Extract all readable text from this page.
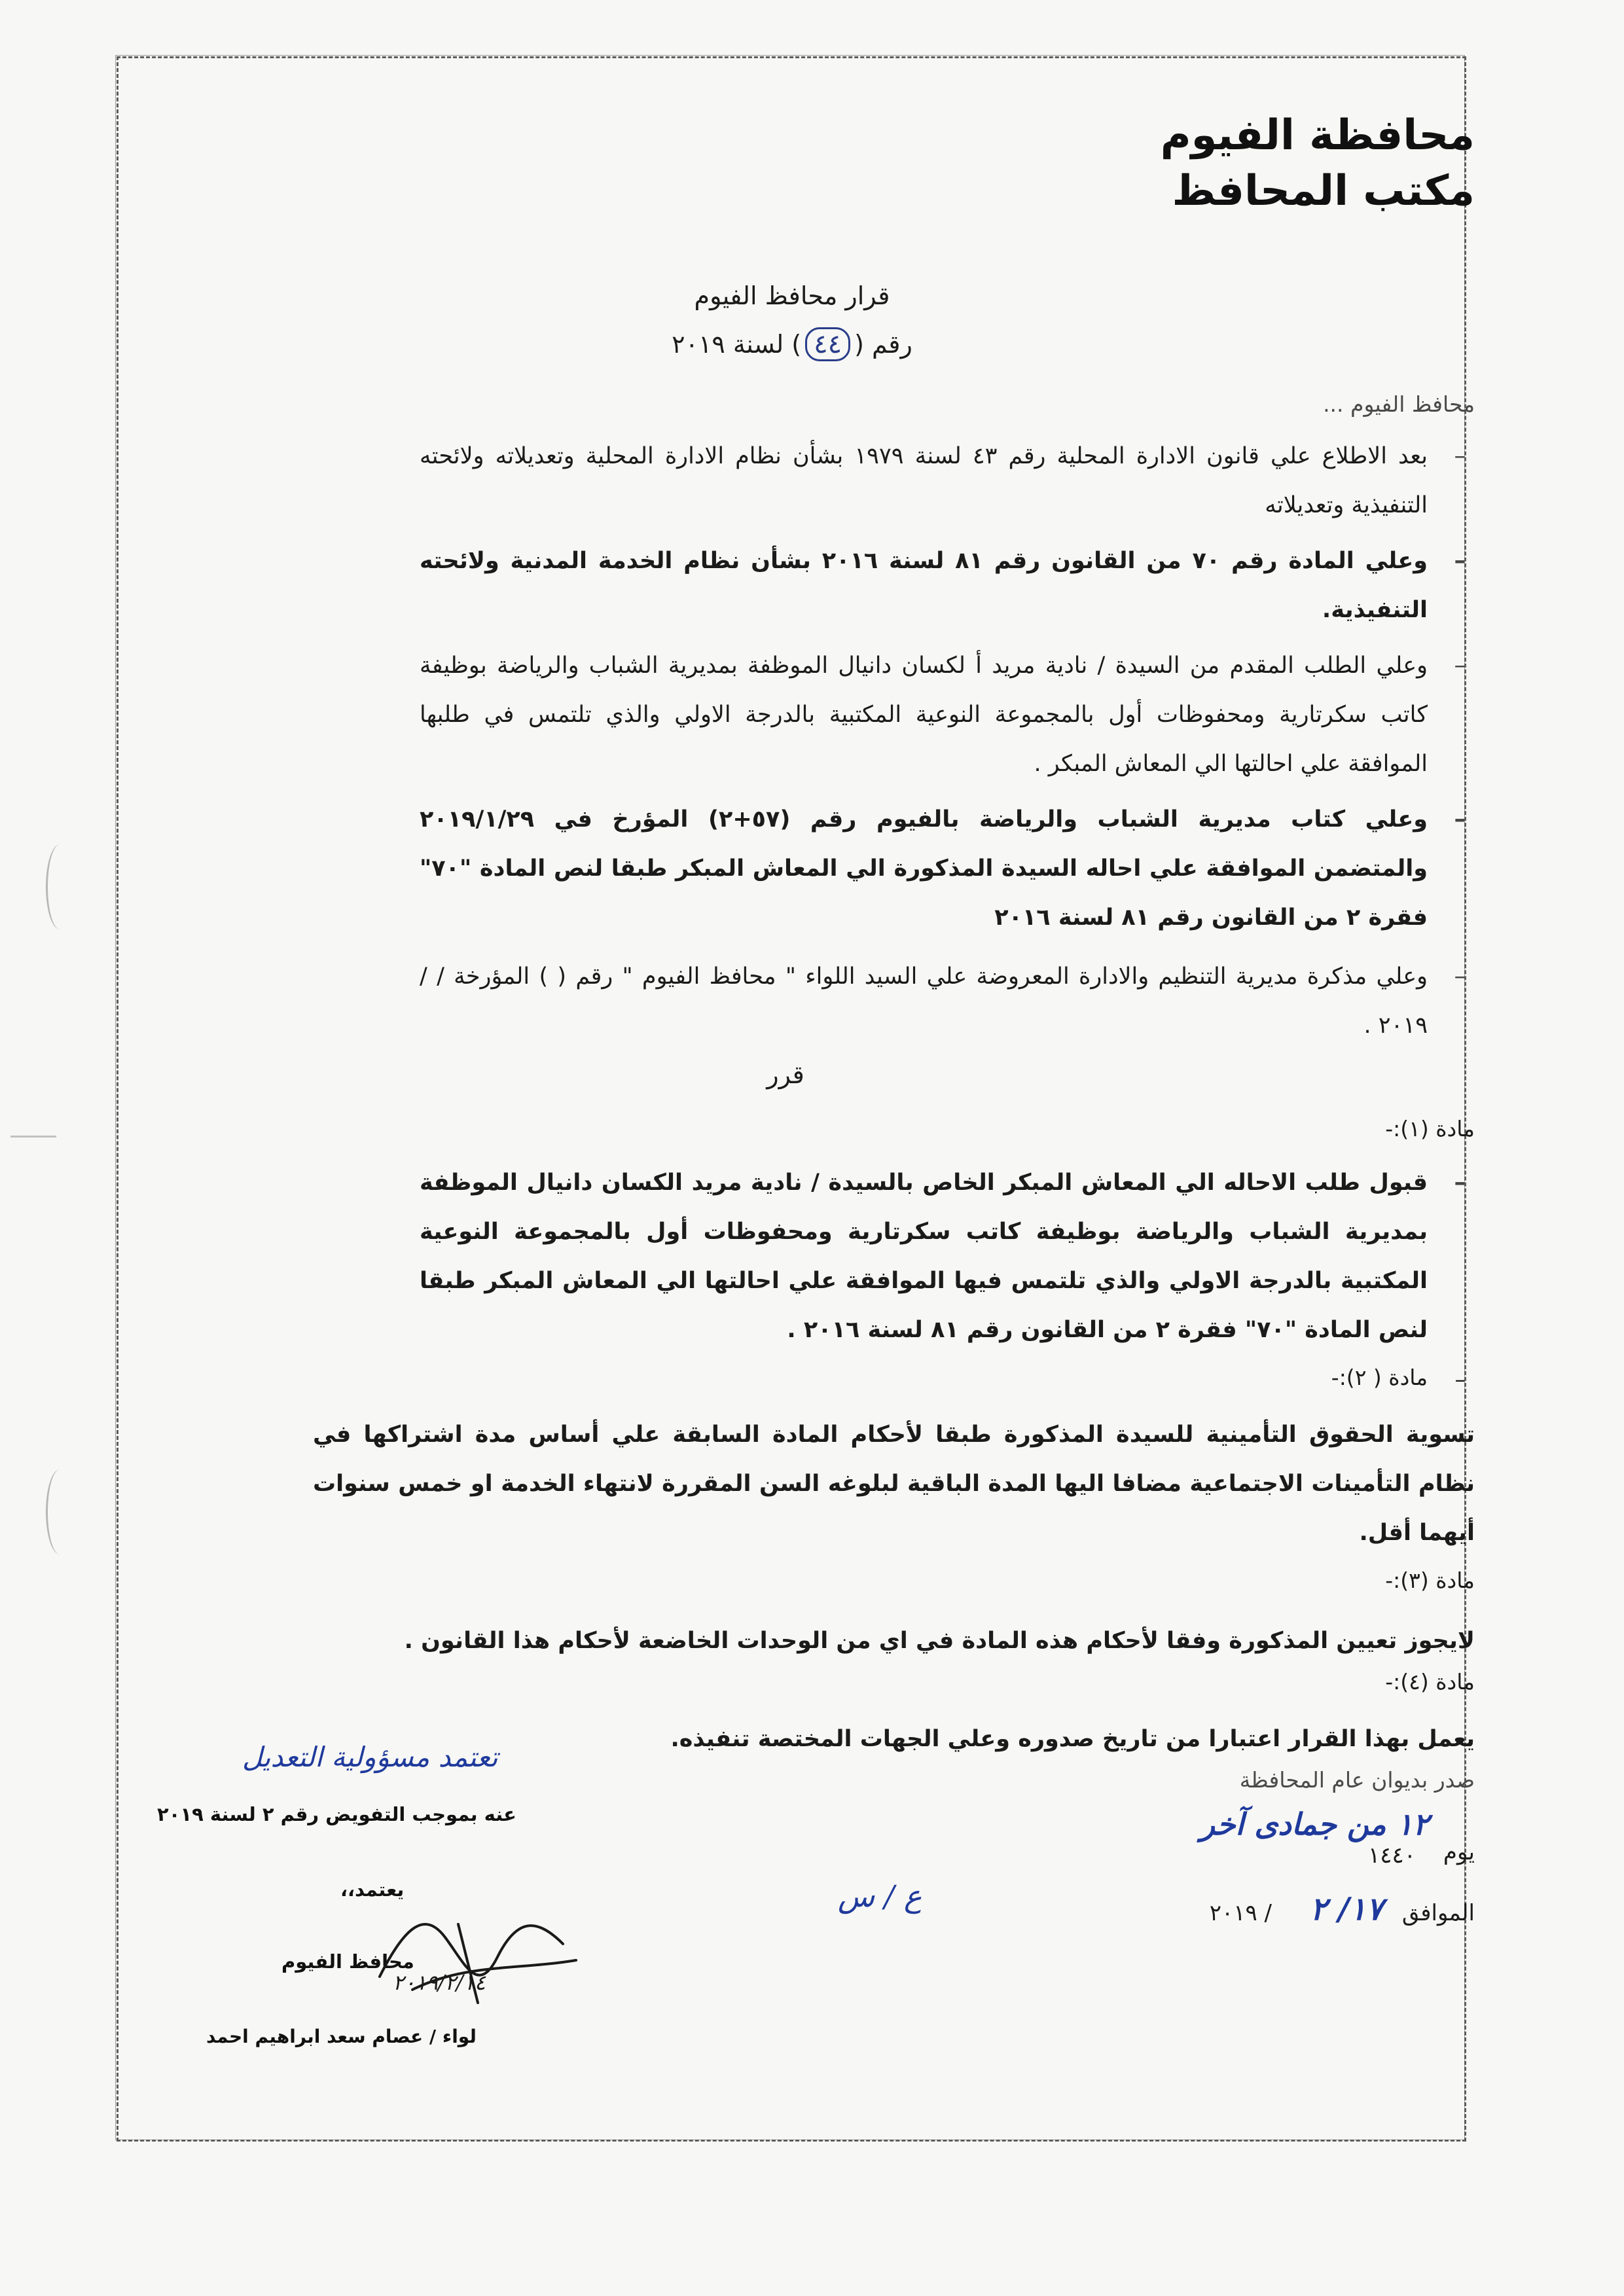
محافظة الفيوم
مكتب المحافظ
قرار محافظ الفيوم
رقم (٤٤) لسنة ٢٠١٩
محافظ الفيوم ...
–
بعد الاطلاع علي قانون الادارة المحلية رقم ٤٣ لسنة ١٩٧٩ بشأن نظام الادارة المحلية وتعديلاته ولائحته التنفيذية وتعديلاته
–
وعلي المادة رقم ٧٠ من القانون رقم ٨١ لسنة ٢٠١٦ بشأن نظام الخدمة المدنية ولائحته التنفيذية.
–
وعلي الطلب المقدم من السيدة / نادية مريد أ لكسان دانيال الموظفة بمديرية الشباب والرياضة بوظيفة كاتب سكرتارية ومحفوظات أول بالمجموعة النوعية المكتبية بالدرجة الاولي والذي تلتمس في طلبها الموافقة علي احالتها الي المعاش المبكر .
–
وعلي كتاب مديرية الشباب والرياضة بالفيوم رقم (٥٧+٢) المؤرخ في ٢٠١٩/١/٢٩ والمتضمن الموافقة علي احاله السيدة المذكورة الي المعاش المبكر طبقا لنص المادة "٧٠" فقرة ٢ من القانون رقم ٨١ لسنة ٢٠١٦
–
وعلي مذكرة مديرية التنظيم والادارة المعروضة علي السيد اللواء " محافظ الفيوم " رقم ( ) المؤرخة / / ٢٠١٩ .
قرر
مادة (١):-
–
قبول طلب الاحاله الي المعاش المبكر الخاص بالسيدة / نادية مريد الكسان دانيال الموظفة بمديرية الشباب والرياضة بوظيفة كاتب سكرتارية ومحفوظات أول بالمجموعة النوعية المكتبية بالدرجة الاولي والذي تلتمس فيها الموافقة علي احالتها الي المعاش المبكر طبقا لنص المادة "٧٠" فقرة ٢ من القانون رقم ٨١ لسنة ٢٠١٦ .
مادة ( ٢):- –
تسوية الحقوق التأمينية للسيدة المذكورة طبقا لأحكام المادة السابقة علي أساس مدة اشتراكها في نظام التأمينات الاجتماعية مضافا اليها المدة الباقية لبلوغه السن المقررة لانتهاء الخدمة او خمس سنوات أيهما أقل.
مادة (٣):-
لايجوز تعيين المذكورة وفقا لأحكام هذه المادة في اي من الوحدات الخاضعة لأحكام هذا القانون .
مادة (٤):-
يعمل بهذا القرار اعتبارا من تاريخ صدوره وعلي الجهات المختصة تنفيذه.
صدر بديوان عام المحافظة
يوم
١٢ من جمادى آخر
١٤٤٠
الموافق
١٧/ ٢
/ ٢٠١٩
ع / س
تعتمد مسؤولية التعديل
عنه بموجب التفويض رقم ٢ لسنة ٢٠١٩
يعتمد،،
محافظ الفيوم
٢٠١٩/٢/١٤
لواء / عصام سعد ابراهيم احمد
